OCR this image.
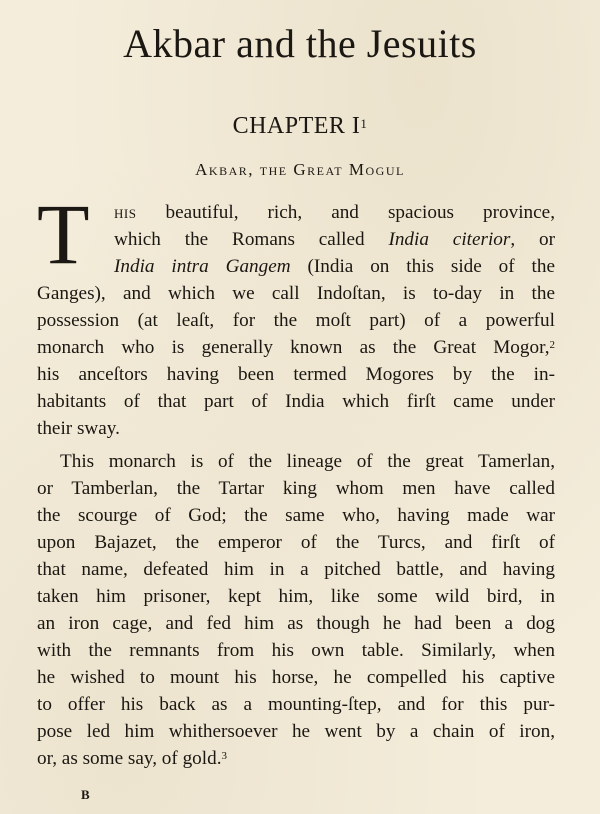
Akbar and the Jesuits
CHAPTER $I^1$
Akbar, the Great Mogul
T his beautiful, rich, and spacious province,
which the Romans called India citerior, or
India intra Gangem (India on this side of the
Ganges), and which we call Indoſtan, is to-day in the
possession (at leaſt, for the moſt part) of a powerful
monarch who is generally known as the Great Mogor,$^2$
his anceſtors having been termed Mogores by the in-
habitants of that part of India which firſt came under
their sway.
This monarch is of the lineage of the great Tamerlan,
or Tamberlan, the Tartar king whom men have called
the scourge of God; the same who, having made war
upon Bajazet, the emperor of the Turcs, and firſt of
that name, defeated him in a pitched battle, and having
taken him prisoner, kept him, like some wild bird, in
an iron cage, and fed him as though he had been a dog
with the remnants from his own table. Similarly, when
he wished to mount his horse, he compelled his captive
to offer his back as a mounting-ſtep, and for this pur-
pose led him whithersoever he went by a chain of iron,
or, as some say, of gold.$^3$
B
